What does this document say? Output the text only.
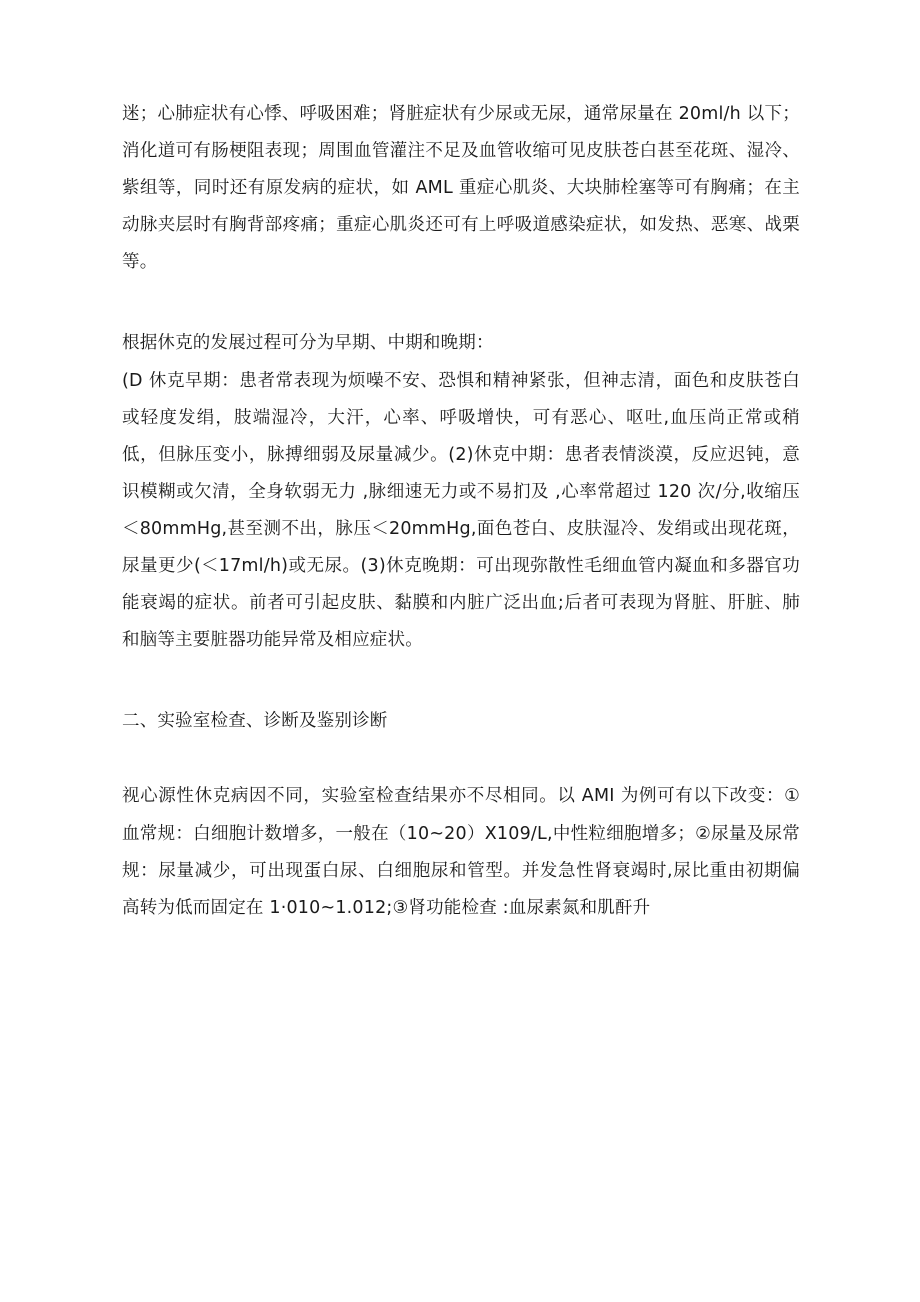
迷；心肺症状有心悸、呼吸困难；肾脏症状有少尿或无尿，通常尿量在 20ml/h 以下；消化道可有肠梗阻表现；周围血管灌注不足及血管收缩可见皮肤苍白甚至花斑、湿冷、紫组等，同时还有原发病的症状，如 AML 重症心肌炎、大块肺栓塞等可有胸痛；在主动脉夹层时有胸背部疼痛；重症心肌炎还可有上呼吸道感染症状，如发热、恶寒、战栗等。

根据休克的发展过程可分为早期、中期和晚期：

(D 休克早期：患者常表现为烦噪不安、恐惧和精神紧张，但神志清，面色和皮肤苍白或轻度发绢，肢端湿冷，大汗，心率、呼吸增快，可有恶心、呕吐,血压尚正常或稍低，但脉压变小，脉搏细弱及尿量减少。(2)休克中期：患者表情淡漠，反应迟钝，意识模糊或欠清，全身软弱无力 ,脉细速无力或不易扪及 ,心率常超过 120 次/分,收缩压＜80mmHg,甚至测不出，脉压＜20mmHg,面色苍白、皮肤湿冷、发绢或出现花斑，尿量更少(＜17ml/h)或无尿。(3)休克晚期：可出现弥散性毛细血管内凝血和多器官功能衰竭的症状。前者可引起皮肤、黏膜和内脏广泛出血;后者可表现为肾脏、肝脏、肺和脑等主要脏器功能异常及相应症状。

二、实验室检查、诊断及鉴别诊断

视心源性休克病因不同，实验室检查结果亦不尽相同。以 AMI 为例可有以下改变：①血常规：白细胞计数增多，一般在（10~20）X109/L,中性粒细胞增多；②尿量及尿常规：尿量减少，可出现蛋白尿、白细胞尿和管型。并发急性肾衰竭时,尿比重由初期偏高转为低而固定在 1·010~1.012;③肾功能检查 :血尿素氮和肌酐升
